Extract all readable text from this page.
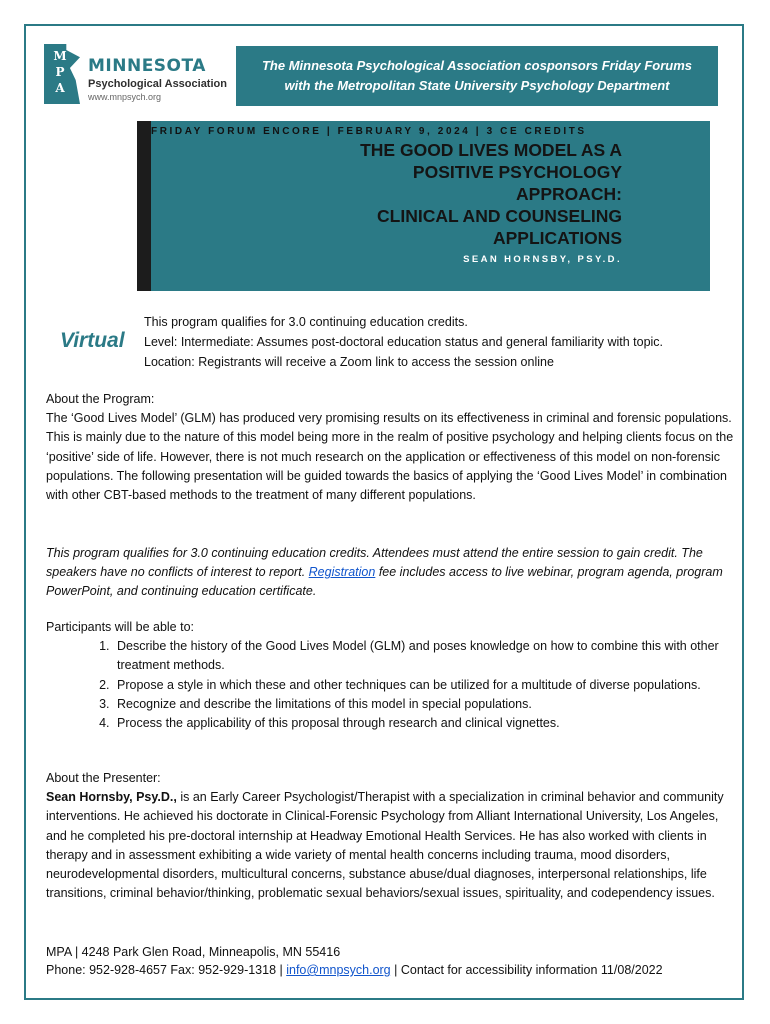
M
P
A
MINNESOTA
Psychological Association
www.mnpsych.org
The Minnesota Psychological Association cosponsors Friday Forums
with the Metropolitan State University Psychology Department
FRIDAY FORUM ENCORE | FEBRUARY 9, 2024 | 3 CE CREDITS
THE GOOD LIVES MODEL AS A
POSITIVE PSYCHOLOGY
APPROACH:
CLINICAL AND COUNSELING
APPLICATIONS
SEAN HORNSBY, PSY.D.
Virtual
This program qualifies for 3.0 continuing education credits.
Level: Intermediate: Assumes post-doctoral education status and general familiarity with topic.
Location: Registrants will receive a Zoom link to access the session online

About the Program:

The ‘Good Lives Model’ (GLM) has produced very promising results on its effectiveness in criminal and forensic populations. This is mainly due to the nature of this model being more in the realm of positive psychology and helping clients focus on the ‘positive’ side of life. However, there is not much research on the application or effectiveness of this model on non-forensic populations. The following presentation will be guided towards the basics of applying the ‘Good Lives Model’ in combination with other CBT-based methods to the treatment of many different populations.

This program qualifies for 3.0 continuing education credits. Attendees must attend the entire session to gain credit. The speakers have no conflicts of interest to report. Registration fee includes access to live webinar, program agenda, program PowerPoint, and continuing education certificate.

Participants will be able to:

1. Describe the history of the Good Lives Model (GLM) and poses knowledge on how to combine this with other treatment methods.
2. Propose a style in which these and other techniques can be utilized for a multitude of diverse populations.
3. Recognize and describe the limitations of this model in special populations.
4. Process the applicability of this proposal through research and clinical vignettes.

About the Presenter:

Sean Hornsby, Psy.D., is an Early Career Psychologist/Therapist with a specialization in criminal behavior and community interventions. He achieved his doctorate in Clinical-Forensic Psychology from Alliant International University, Los Angeles, and he completed his pre-doctoral internship at Headway Emotional Health Services. He has also worked with clients in therapy and in assessment exhibiting a wide variety of mental health concerns including trauma, mood disorders, neurodevelopmental disorders, multicultural concerns, substance abuse/dual diagnoses, interpersonal relationships, life transitions, criminal behavior/thinking, problematic sexual behaviors/sexual issues, spirituality, and codependency issues.

MPA | 4248 Park Glen Road, Minneapolis, MN 55416

Phone: 952-928-4657 Fax: 952-929-1318 | info@mnpsych.org | Contact for accessibility information 11/08/2022
